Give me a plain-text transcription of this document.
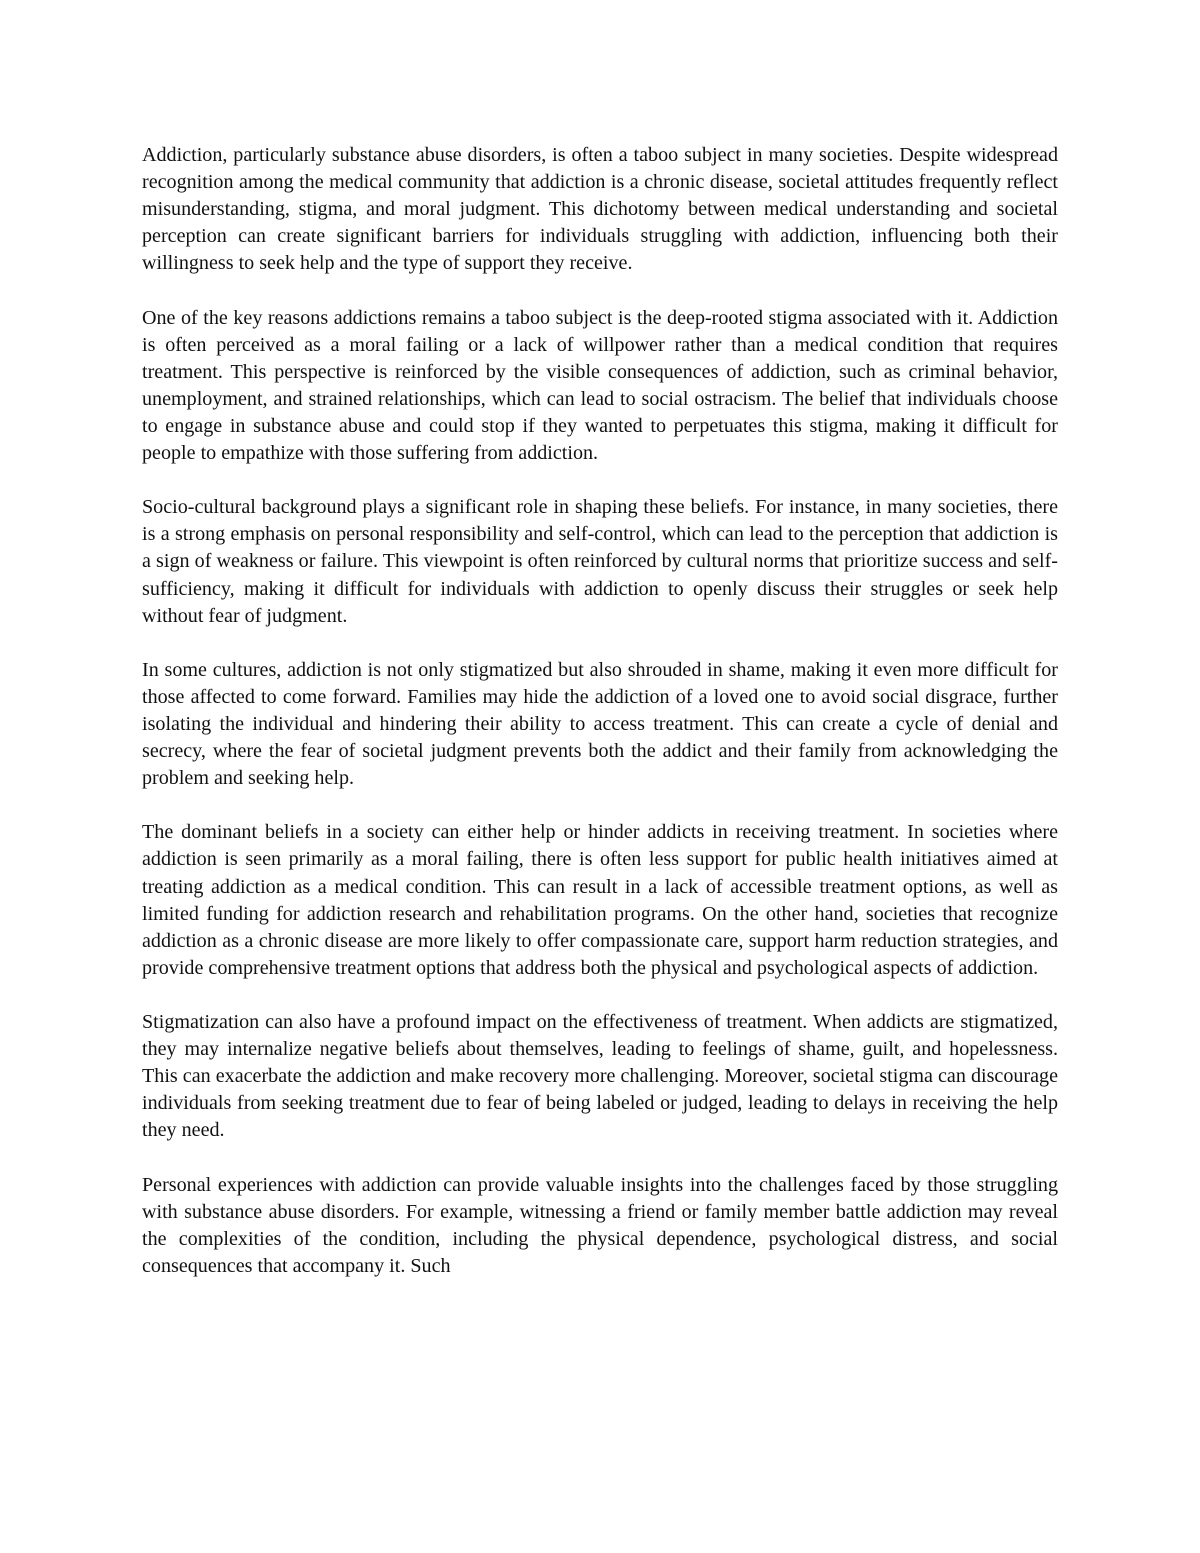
Addiction, particularly substance abuse disorders, is often a taboo subject in many societies. Despite widespread recognition among the medical community that addiction is a chronic disease, societal attitudes frequently reflect misunderstanding, stigma, and moral judgment. This dichotomy between medical understanding and societal perception can create significant barriers for individuals struggling with addiction, influencing both their willingness to seek help and the type of support they receive.

One of the key reasons addictions remains a taboo subject is the deep-rooted stigma associated with it. Addiction is often perceived as a moral failing or a lack of willpower rather than a medical condition that requires treatment. This perspective is reinforced by the visible consequences of addiction, such as criminal behavior, unemployment, and strained relationships, which can lead to social ostracism. The belief that individuals choose to engage in substance abuse and could stop if they wanted to perpetuates this stigma, making it difficult for people to empathize with those suffering from addiction.

Socio-cultural background plays a significant role in shaping these beliefs. For instance, in many societies, there is a strong emphasis on personal responsibility and self-control, which can lead to the perception that addiction is a sign of weakness or failure. This viewpoint is often reinforced by cultural norms that prioritize success and self-sufficiency, making it difficult for individuals with addiction to openly discuss their struggles or seek help without fear of judgment.

In some cultures, addiction is not only stigmatized but also shrouded in shame, making it even more difficult for those affected to come forward. Families may hide the addiction of a loved one to avoid social disgrace, further isolating the individual and hindering their ability to access treatment. This can create a cycle of denial and secrecy, where the fear of societal judgment prevents both the addict and their family from acknowledging the problem and seeking help.

The dominant beliefs in a society can either help or hinder addicts in receiving treatment. In societies where addiction is seen primarily as a moral failing, there is often less support for public health initiatives aimed at treating addiction as a medical condition. This can result in a lack of accessible treatment options, as well as limited funding for addiction research and rehabilitation programs. On the other hand, societies that recognize addiction as a chronic disease are more likely to offer compassionate care, support harm reduction strategies, and provide comprehensive treatment options that address both the physical and psychological aspects of addiction.

Stigmatization can also have a profound impact on the effectiveness of treatment. When addicts are stigmatized, they may internalize negative beliefs about themselves, leading to feelings of shame, guilt, and hopelessness. This can exacerbate the addiction and make recovery more challenging. Moreover, societal stigma can discourage individuals from seeking treatment due to fear of being labeled or judged, leading to delays in receiving the help they need.

Personal experiences with addiction can provide valuable insights into the challenges faced by those struggling with substance abuse disorders. For example, witnessing a friend or family member battle addiction may reveal the complexities of the condition, including the physical dependence, psychological distress, and social consequences that accompany it. Such
